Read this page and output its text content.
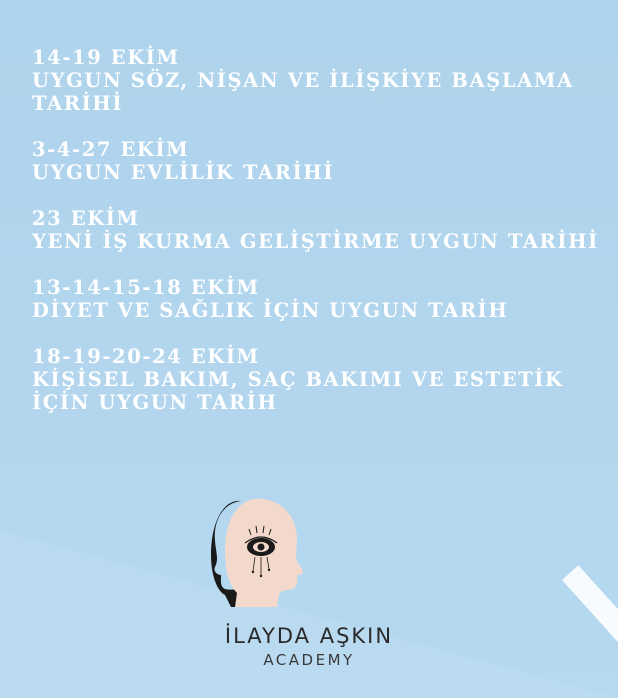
14-19 EKİM
UYGUN SÖZ, NİŞAN VE İLİŞKİYE BAŞLAMA
TARİHİ
3-4-27 EKİM
UYGUN EVLİLİK TARİHİ
23 EKİM
YENİ İŞ KURMA GELİŞTİRME UYGUN TARİHİ
13-14-15-18 EKİM
DİYET VE SAĞLIK İÇİN UYGUN TARİH
18-19-20-24 EKİM
KİŞİSEL BAKIM, SAÇ BAKIMI VE ESTETİK
İÇİN UYGUN TARİH
İLAYDA AŞKIN
ACADEMY
